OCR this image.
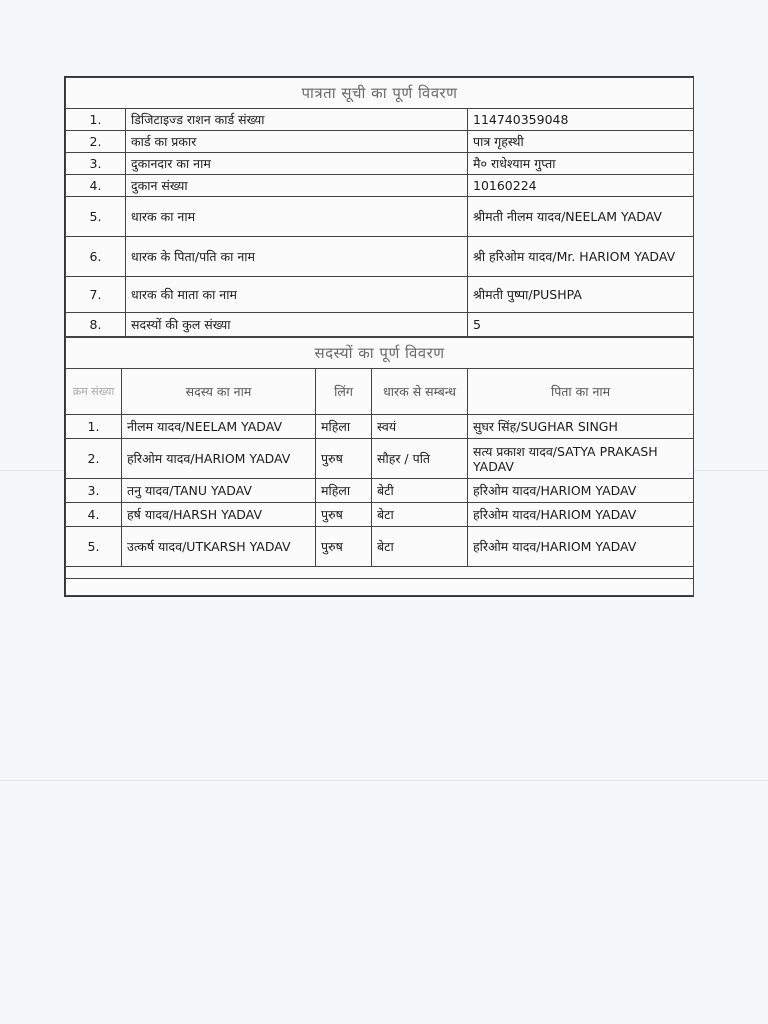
पात्रता सूची का पूर्ण विवरण		
1.	डिजिटाइज्ड राशन कार्ड संख्या	114740359048
2.	कार्ड का प्रकार	पात्र गृहस्थी
3.	दुकानदार का नाम	मै० राधेश्याम गुप्ता
4.	दुकान संख्या	10160224
5.	धारक का नाम	श्रीमती नीलम यादव/NEELAM YADAV
6.	धारक के पिता/पति का नाम	श्री हरिओम यादव/Mr. HARIOM YADAV
7.	धारक की माता का नाम	श्रीमती पुष्पा/PUSHPA
8.	सदस्यों की कुल संख्या	5
सदस्यों का पूर्ण विवरण				
क्रम संख्या	सदस्य का नाम	लिंग	धारक से सम्बन्ध	पिता का नाम
1.	नीलम यादव/NEELAM YADAV	महिला	स्वयं	सुघर सिंह/SUGHAR SINGH
2.	हरिओम यादव/HARIOM YADAV	पुरुष	सौहर / पति	सत्य प्रकाश यादव/SATYA PRAKASH YADAV
3.	तनु यादव/TANU YADAV	महिला	बेटी	हरिओम यादव/HARIOM YADAV
4.	हर्ष यादव/HARSH YADAV	पुरुष	बेटा	हरिओम यादव/HARIOM YADAV
5.	उत्कर्ष यादव/UTKARSH YADAV	पुरुष	बेटा	हरिओम यादव/HARIOM YADAV
